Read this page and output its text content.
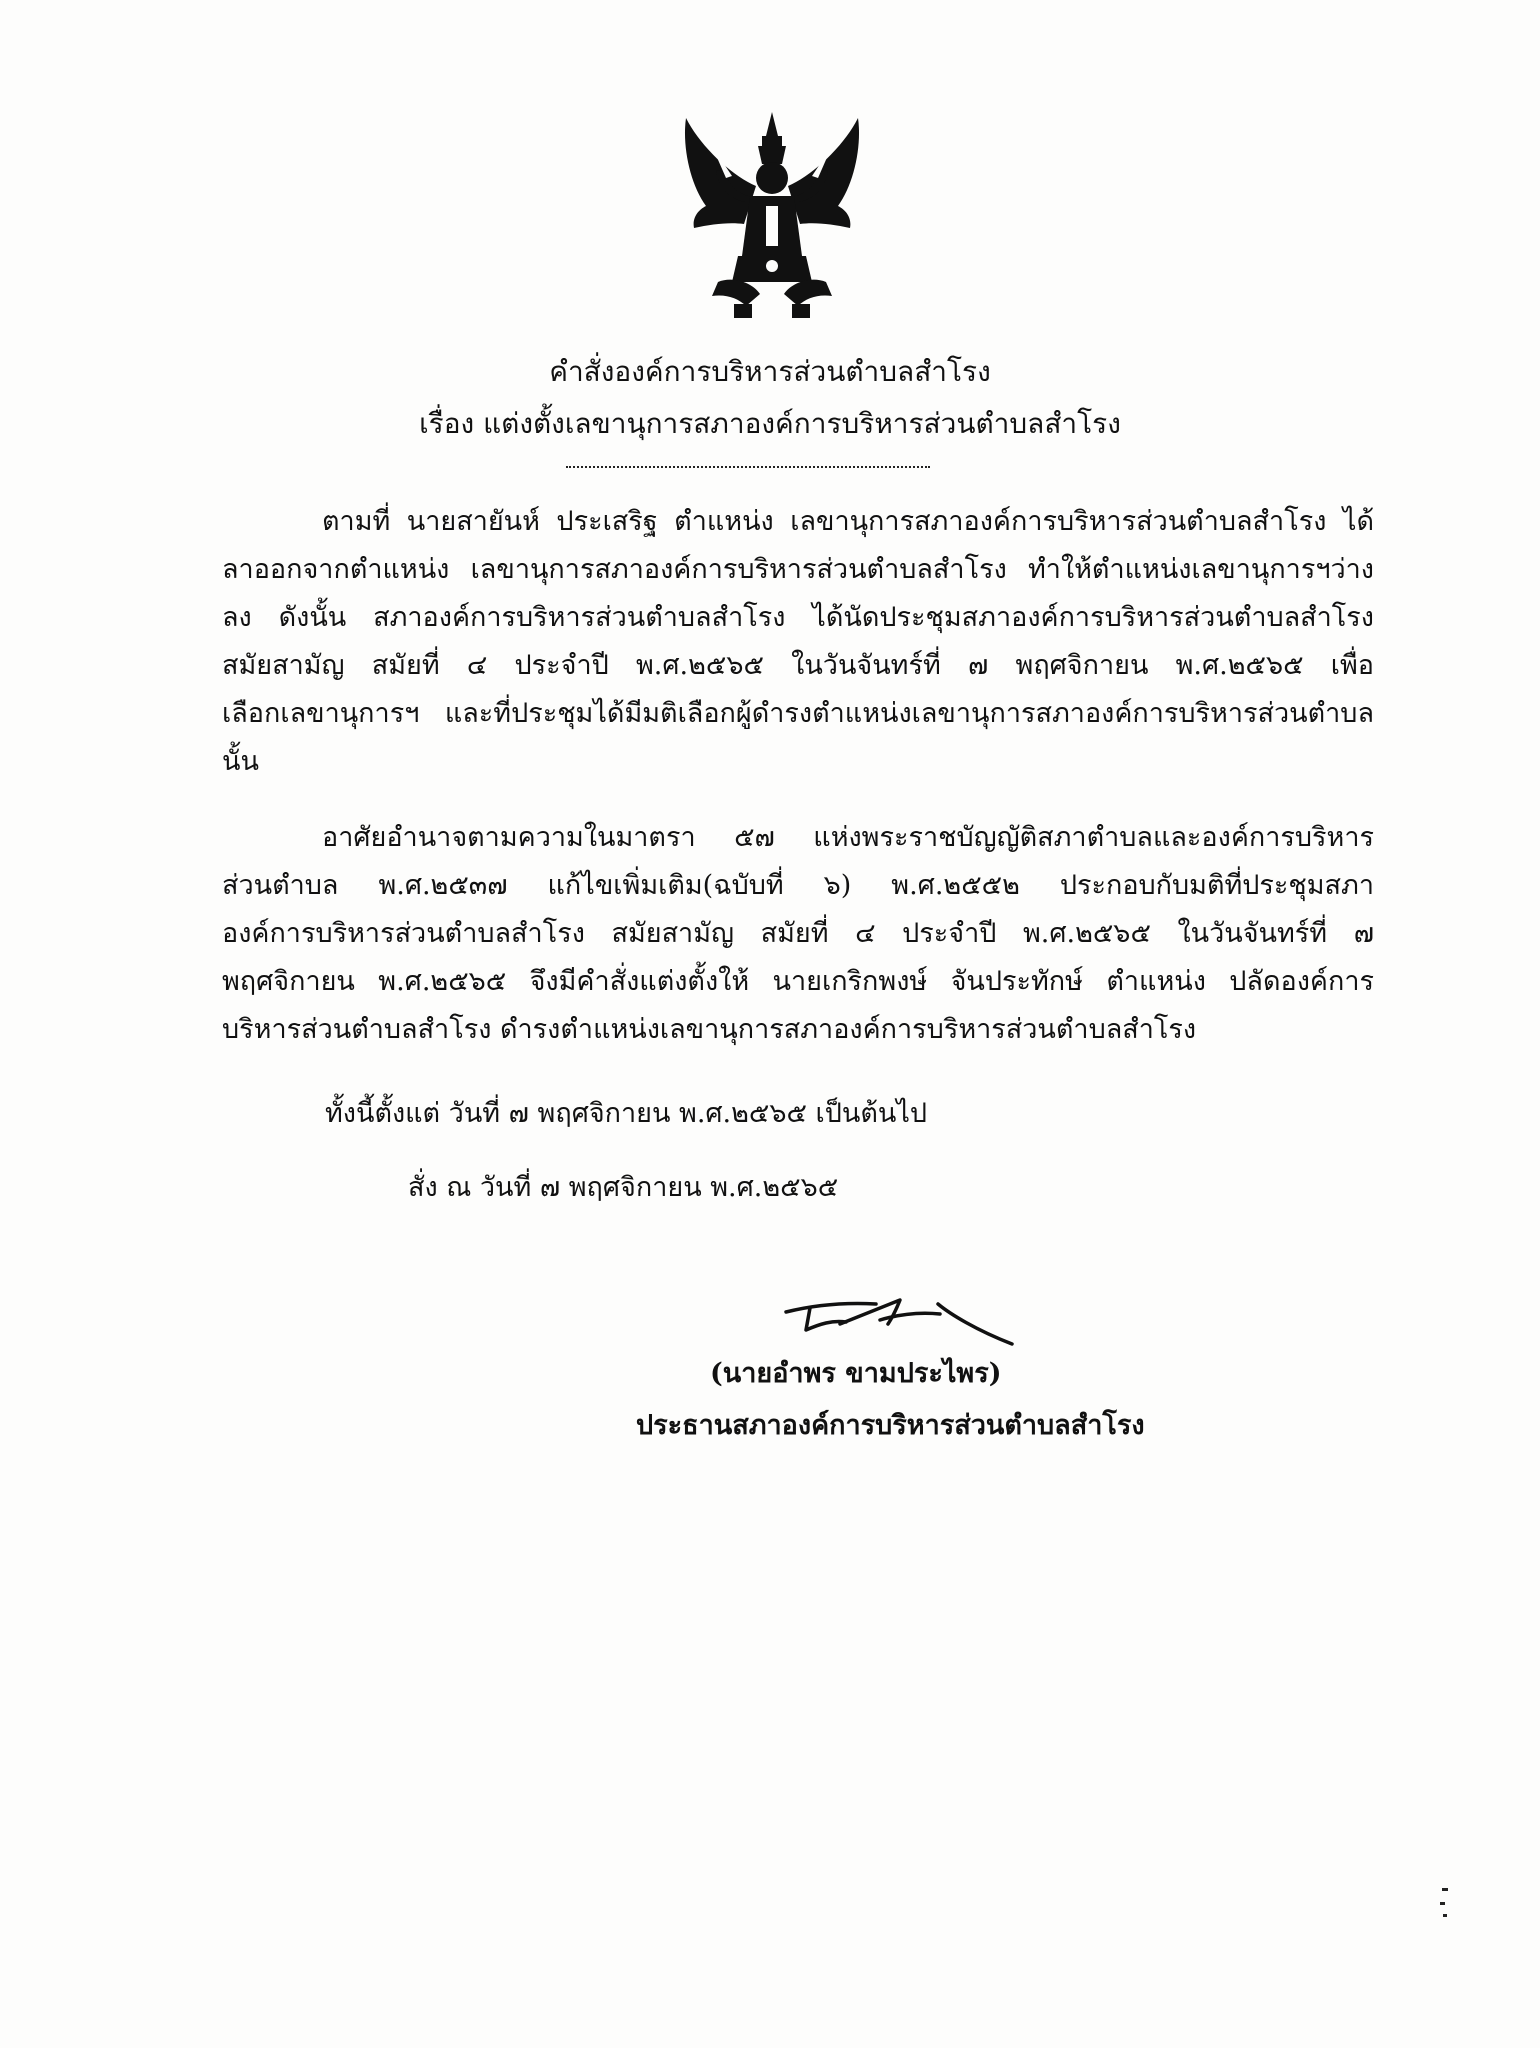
คำสั่งองค์การบริหารส่วนตำบลสำโรง
เรื่อง แต่งตั้งเลขานุการสภาองค์การบริหารส่วนตำบลสำโรง
ตามที่ นายสายันห์ ประเสริฐ ตำแหน่ง เลขานุการสภาองค์การบริหารส่วนตำบลสำโรง ได้
ลาออกจากตำแหน่ง เลขานุการสภาองค์การบริหารส่วนตำบลสำโรง ทำให้ตำแหน่งเลขานุการฯว่าง
ลง ดังนั้น สภาองค์การบริหารส่วนตำบลสำโรง ได้นัดประชุมสภาองค์การบริหารส่วนตำบลสำโรง
สมัยสามัญ สมัยที่ ๔ ประจำปี พ.ศ.๒๕๖๕ ในวันจันทร์ที่ ๗ พฤศจิกายน พ.ศ.๒๕๖๕ เพื่อ
เลือกเลขานุการฯ และที่ประชุมได้มีมติเลือกผู้ดำรงตำแหน่งเลขานุการสภาองค์การบริหารส่วนตำบล
นั้น
อาศัยอำนาจตามความในมาตรา ๕๗ แห่งพระราชบัญญัติสภาตำบลและองค์การบริหาร
ส่วนตำบล พ.ศ.๒๕๓๗ แก้ไขเพิ่มเติม(ฉบับที่ ๖) พ.ศ.๒๕๕๒ ประกอบกับมติที่ประชุมสภา
องค์การบริหารส่วนตำบลสำโรง สมัยสามัญ สมัยที่ ๔ ประจำปี พ.ศ.๒๕๖๕ ในวันจันทร์ที่ ๗
พฤศจิกายน พ.ศ.๒๕๖๕ จึงมีคำสั่งแต่งตั้งให้ นายเกริกพงษ์ จันประทักษ์ ตำแหน่ง ปลัดองค์การ
บริหารส่วนตำบลสำโรง ดำรงตำแหน่งเลขานุการสภาองค์การบริหารส่วนตำบลสำโรง
ทั้งนี้ตั้งแต่ วันที่ ๗ พฤศจิกายน พ.ศ.๒๕๖๕ เป็นต้นไป
สั่ง ณ วันที่ ๗ พฤศจิกายน พ.ศ.๒๕๖๕
(นายอำพร ขามประไพร)
ประธานสภาองค์การบริหารส่วนตำบลสำโรง
